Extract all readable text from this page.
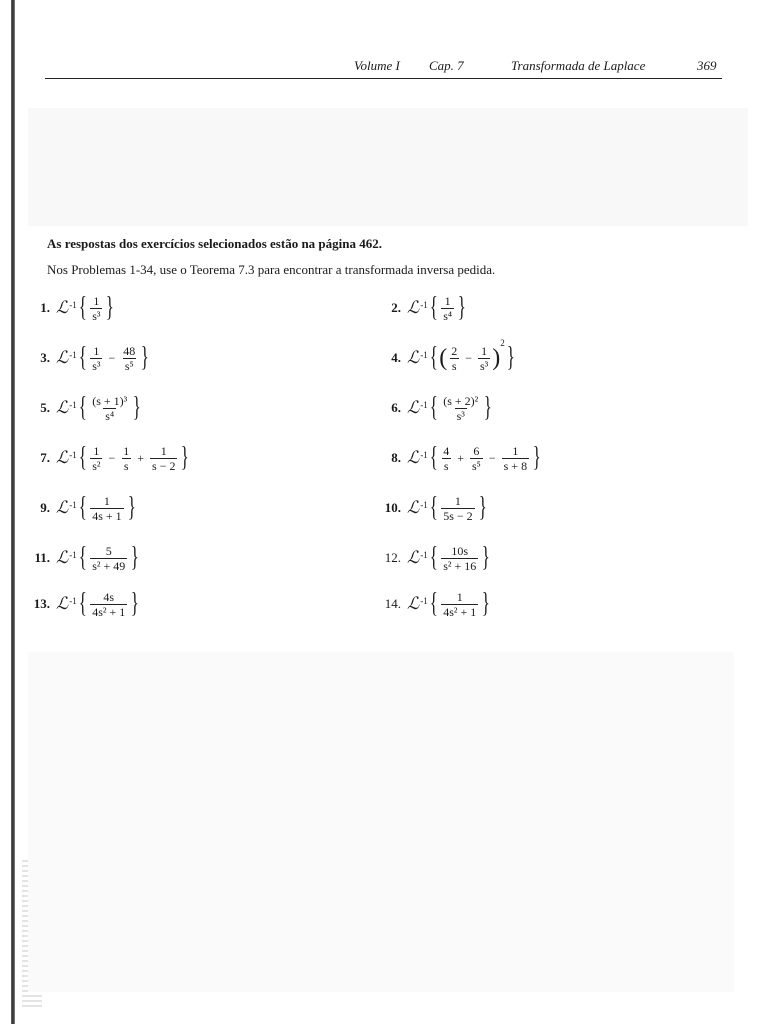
Volume I Cap. 7	Transformada de Laplace	369
As respostas dos exercícios selecionados estão na página 462.
Nos Problemas 1-34, use o Teorema 7.3 para encontrar a transformada inversa pedida.
1. ℒ -1 { $\frac{1}{\text{s³}}$ }	2. ℒ -1 { $\frac{1}{\text{s⁴}}$ }
3. ℒ -1 { $\frac{1}{\text{s³}} - \frac{48}{\text{s⁵}}$ }	4. ℒ -1 { ( $\frac{2}{s} - \frac{1}{\text{s³}}$ )
2 }
5. ℒ -1 { $\frac{\text{(s + 1)³}}{\text{s⁴}}$ }	6. ℒ -1 { $\frac{\text{(s + 2)²}}{\text{s³}}$ }
7. ℒ -1 { $\frac{1}{\text{s²}} - \frac{1}{s} + \frac{1}{s - 2}$ }	8. ℒ -1 { $\frac{4}{s} + \frac{6}{\text{s⁵}} - \frac{1}{s + 8}$ }
9. ℒ -1 { $\frac{1}{4s + 1}$ }	10. ℒ -1 { $\frac{1}{5s - 2}$ }
11. ℒ -1 { $\frac{5}{\text{s² + 49}}$ }	12. ℒ -1 { $\frac{10s}{\text{s² + 16}}$ }
13. ℒ -1 { $\frac{4s}{\text{4s² + 1}}$ }	14. ℒ -1 { $\frac{1}{\text{4s² + 1}}$ }
